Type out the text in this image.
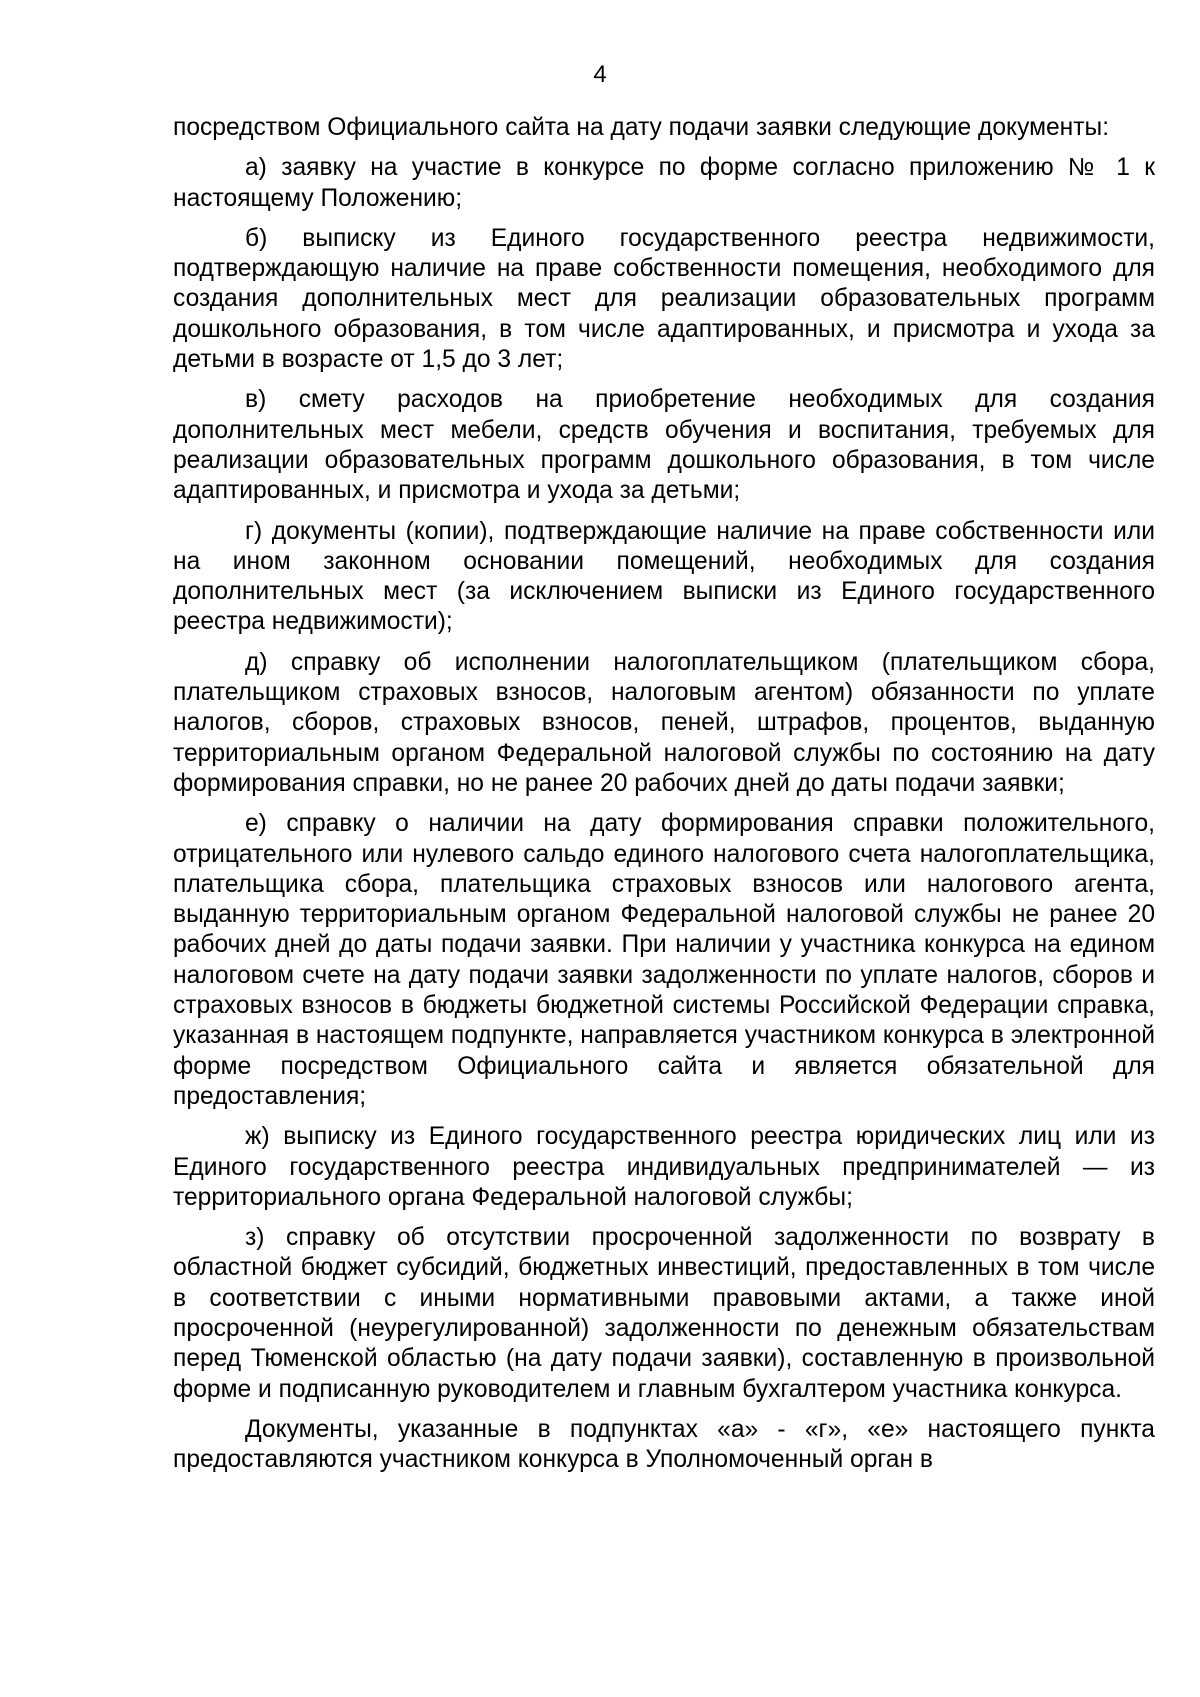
4

посредством Официального сайта на дату подачи заявки следующие документы:

а) заявку на участие в конкурсе по форме согласно приложению № 1 к настоящему Положению;

б) выписку из Единого государственного реестра недвижимости, подтверждающую наличие на праве собственности помещения, необходимого для создания дополнительных мест для реализации образовательных программ дошкольного образования, в том числе адаптированных, и присмотра и ухода за детьми в возрасте от 1,5 до 3 лет;

в) смету расходов на приобретение необходимых для создания дополнительных мест мебели, средств обучения и воспитания, требуемых для реализации образовательных программ дошкольного образования, в том числе адаптированных, и присмотра и ухода за детьми;

г) документы (копии), подтверждающие наличие на праве собственности или на ином законном основании помещений, необходимых для создания дополнительных мест (за исключением выписки из Единого государственного реестра недвижимости);

д) справку об исполнении налогоплательщиком (плательщиком сбора, плательщиком страховых взносов, налоговым агентом) обязанности по уплате налогов, сборов, страховых взносов, пеней, штрафов, процентов, выданную территориальным органом Федеральной налоговой службы по состоянию на дату формирования справки, но не ранее 20 рабочих дней до даты подачи заявки;

е) справку о наличии на дату формирования справки положительного, отрицательного или нулевого сальдо единого налогового счета налогоплательщика, плательщика сбора, плательщика страховых взносов или налогового агента, выданную территориальным органом Федеральной налоговой службы не ранее 20 рабочих дней до даты подачи заявки. При наличии у участника конкурса на едином налоговом счете на дату подачи заявки задолженности по уплате налогов, сборов и страховых взносов в бюджеты бюджетной системы Российской Федерации справка, указанная в настоящем подпункте, направляется участником конкурса в электронной форме посредством Официального сайта и является обязательной для предоставления;

ж) выписку из Единого государственного реестра юридических лиц или из Единого государственного реестра индивидуальных предпринимателей — из территориального органа Федеральной налоговой службы;

з) справку об отсутствии просроченной задолженности по возврату в областной бюджет субсидий, бюджетных инвестиций, предоставленных в том числе в соответствии с иными нормативными правовыми актами, а также иной просроченной (неурегулированной) задолженности по денежным обязательствам перед Тюменской областью (на дату подачи заявки), составленную в произвольной форме и подписанную руководителем и главным бухгалтером участника конкурса.

Документы, указанные в подпунктах «а» - «г», «е» настоящего пункта предоставляются участником конкурса в Уполномоченный орган в
